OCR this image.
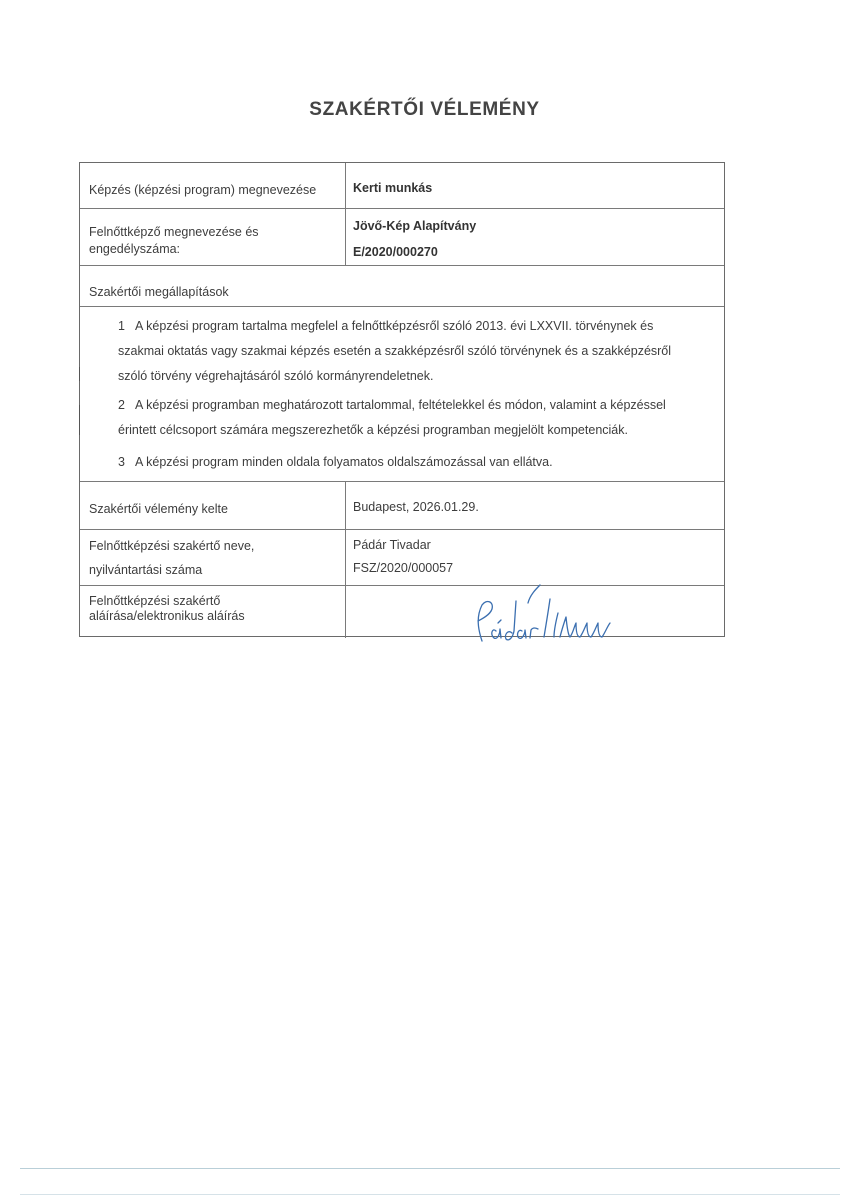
SZAKÉRTŐI VÉLEMÉNY
Képzés (képzési program) megnevezése	Kerti munkás
Felnőttképző megnevezése és
engedélyszáma:
Jövő-Kép Alapítvány
E/2020/000270
Szakértői megállapítások
1 A képzési program tartalma megfelel a felnőttképzésről szóló 2013. évi LXXVII. törvénynek és
szakmai oktatás vagy szakmai képzés esetén a szakképzésről szóló törvénynek és a szakképzésről
szóló törvény végrehajtásáról szóló kormányrendeletnek.
2 A képzési programban meghatározott tartalommal, feltételekkel és módon, valamint a képzéssel
érintett célcsoport számára megszerezhetők a képzési programban megjelölt kompetenciák.
3 A képzési program minden oldala folyamatos oldalszámozással van ellátva.
Szakértői vélemény kelte	Budapest, 2026.01.29.
Felnőttképzési szakértő neve,
nyilvántartási száma
Pádár Tivadar
FSZ/2020/000057
Felnőttképzési szakértő
aláírása/elektronikus aláírás
